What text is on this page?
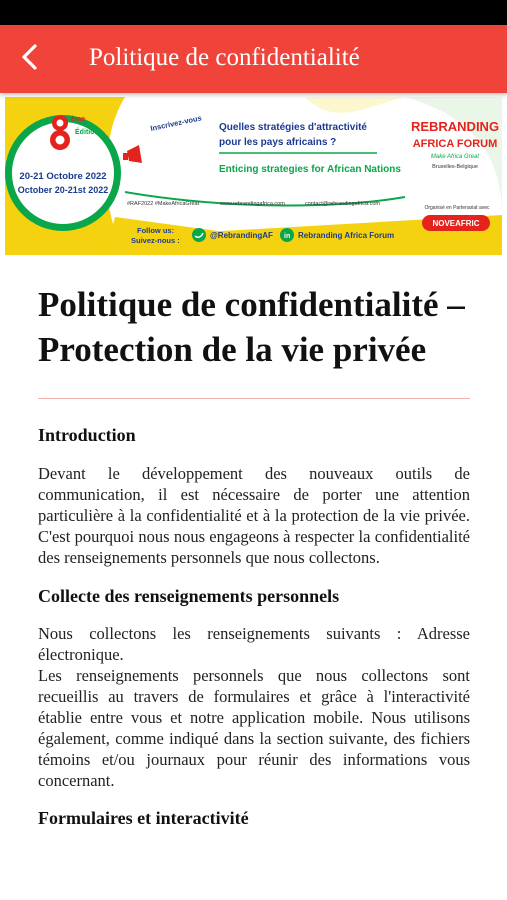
Politique de confidentialité
ème
Édition
20-21 Octobre 2022
October 20-21st 2022
Inscrivez-vous Quelles stratégies d'attractivité
pour les pays africains ?
Enticing strategies for African Nations
#RAF2022 #MakeAfricaGreat	www.rebrandingafrica.com	contact@rebrandingafrica.com
Follow us:
Suivez-nous :
@RebrandingAF in Rebranding Africa Forum
REBRANDING
AFRICA FORUM
Make Africa Great
Bruxelles-Belgique
Organisé en Partenariat avec
NOVEAFRIC
Politique de confidentialité – Protection de la vie privée
Introduction

Devant le développement des nouveaux outils de communication, il est nécessaire de porter une attention particulière à la confidentialité et à la protection de la vie privée. C'est pourquoi nous nous engageons à respecter la confidentialité des renseignements personnels que nous collectons.

Collecte des renseignements personnels

Nous collectons les renseignements suivants : Adresse électronique.

Les renseignements personnels que nous collectons sont recueillis au travers de formulaires et grâce à l'interactivité établie entre vous et notre application mobile. Nous utilisons également, comme indiqué dans la section suivante, des fichiers témoins et/ou journaux pour réunir des informations vous concernant.

Formulaires et interactivité
